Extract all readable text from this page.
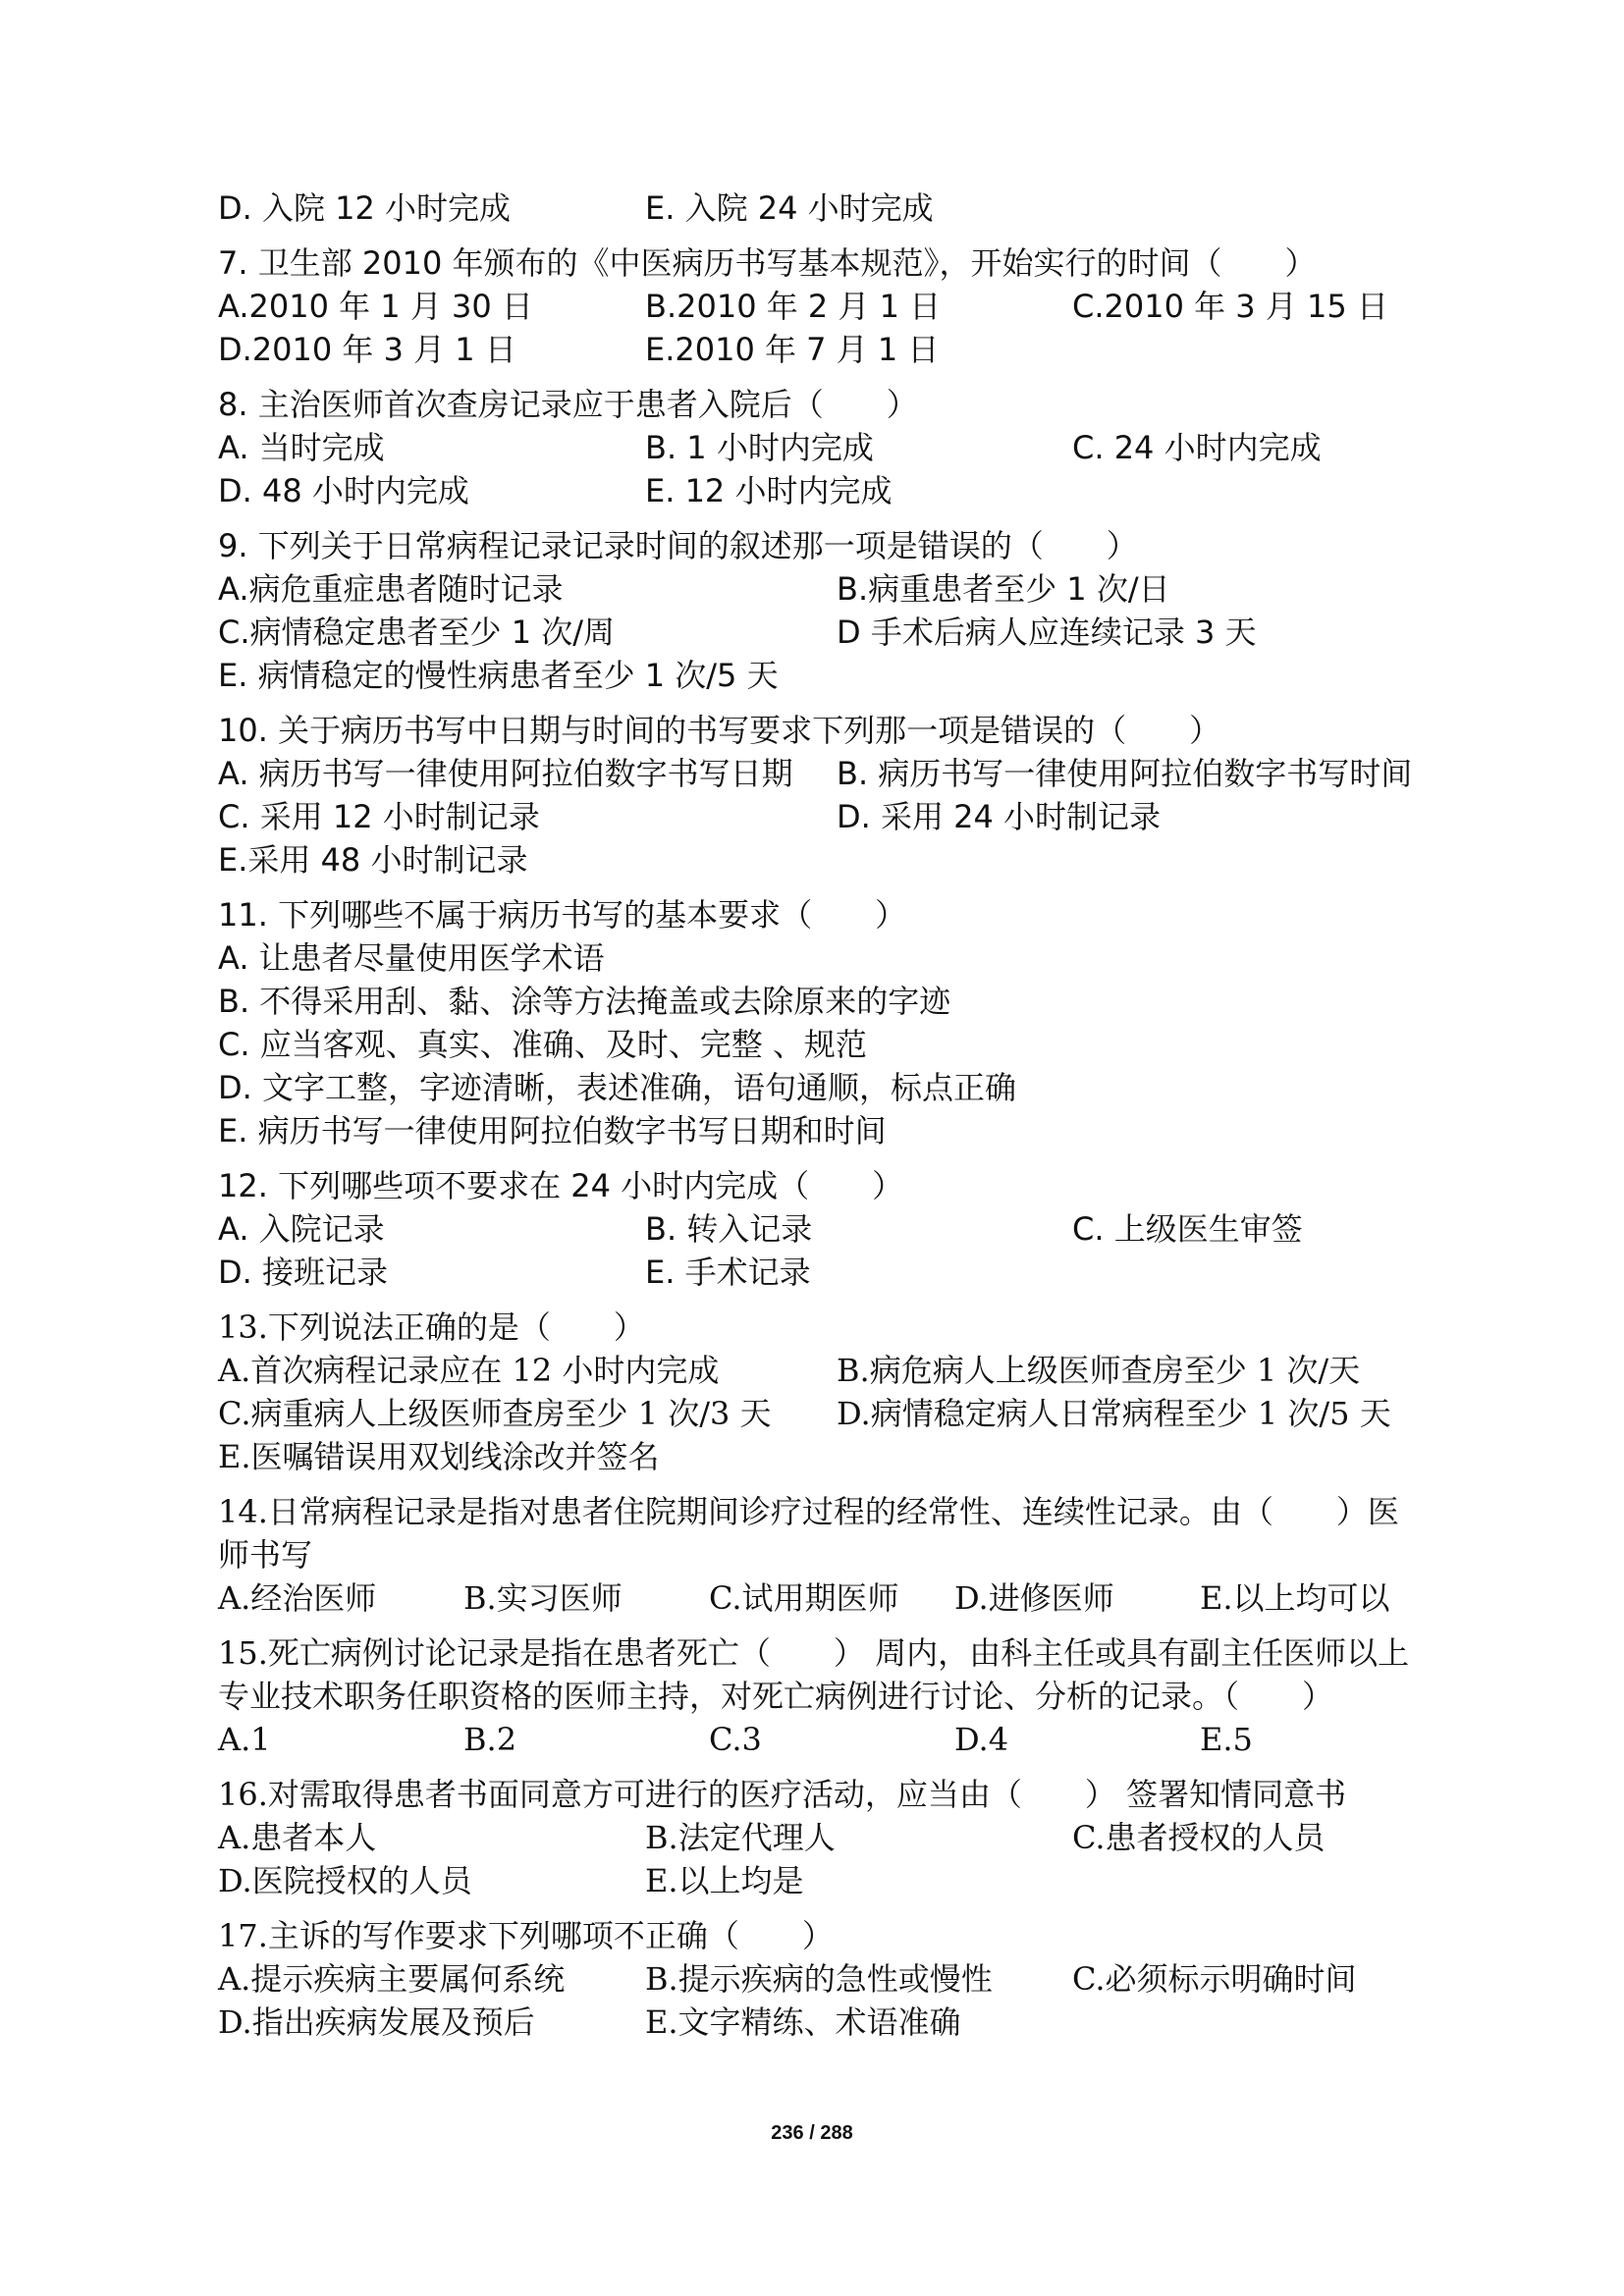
D. 入院 12 小时完成	E. 入院 24 小时完成
7. 卫生部 2010 年颁布的《中医病历书写基本规范》，开始实行的时间（　　）
A.2010 年 1 月 30 日	B.2010 年 2 月 1 日	C.2010 年 3 月 15 日
D.2010 年 3 月 1 日	E.2010 年 7 月 1 日
8. 主治医师首次查房记录应于患者入院后（　　）
A. 当时完成	B. 1 小时内完成	C. 24 小时内完成
D. 48 小时内完成	E. 12 小时内完成
9. 下列关于日常病程记录记录时间的叙述那一项是错误的（　　）
A.病危重症患者随时记录	B.病重患者至少 1 次/日
C.病情稳定患者至少 1 次/周	D 手术后病人应连续记录 3 天
E. 病情稳定的慢性病患者至少 1 次/5 天
10. 关于病历书写中日期与时间的书写要求下列那一项是错误的（　　）
A. 病历书写一律使用阿拉伯数字书写日期	B. 病历书写一律使用阿拉伯数字书写时间
C. 采用 12 小时制记录	D. 采用 24 小时制记录
E.采用 48 小时制记录
11. 下列哪些不属于病历书写的基本要求（　　）
A. 让患者尽量使用医学术语
B. 不得采用刮、黏、涂等方法掩盖或去除原来的字迹
C. 应当客观、真实、准确、及时、完整 、规范
D. 文字工整，字迹清晰，表述准确，语句通顺，标点正确
E. 病历书写一律使用阿拉伯数字书写日期和时间
12. 下列哪些项不要求在 24 小时内完成（　　）
A. 入院记录	B. 转入记录	C. 上级医生审签
D. 接班记录	E. 手术记录
13.下列说法正确的是（　　）
A.首次病程记录应在 12 小时内完成	B.病危病人上级医师查房至少 1 次/天
C.病重病人上级医师查房至少 1 次/3 天	D.病情稳定病人日常病程至少 1 次/5 天
E.医嘱错误用双划线涂改并签名
14.日常病程记录是指对患者住院期间诊疗过程的经常性、连续性记录。由（　　）医师书写
A.经治医师	B.实习医师	C.试用期医师	D.进修医师	E.以上均可以
15.死亡病例讨论记录是指在患者死亡（　　） 周内，由科主任或具有副主任医师以上专业技术职务任职资格的医师主持，对死亡病例进行讨论、分析的记录。（　　）
A.1	B.2	C.3	D.4	E.5
16.对需取得患者书面同意方可进行的医疗活动，应当由（　　） 签署知情同意书
A.患者本人	B.法定代理人	C.患者授权的人员
D.医院授权的人员	E.以上均是
17.主诉的写作要求下列哪项不正确（　　）
A.提示疾病主要属何系统	B.提示疾病的急性或慢性	C.必须标示明确时间
D.指出疾病发展及预后	E.文字精练、术语准确
236 / 288
